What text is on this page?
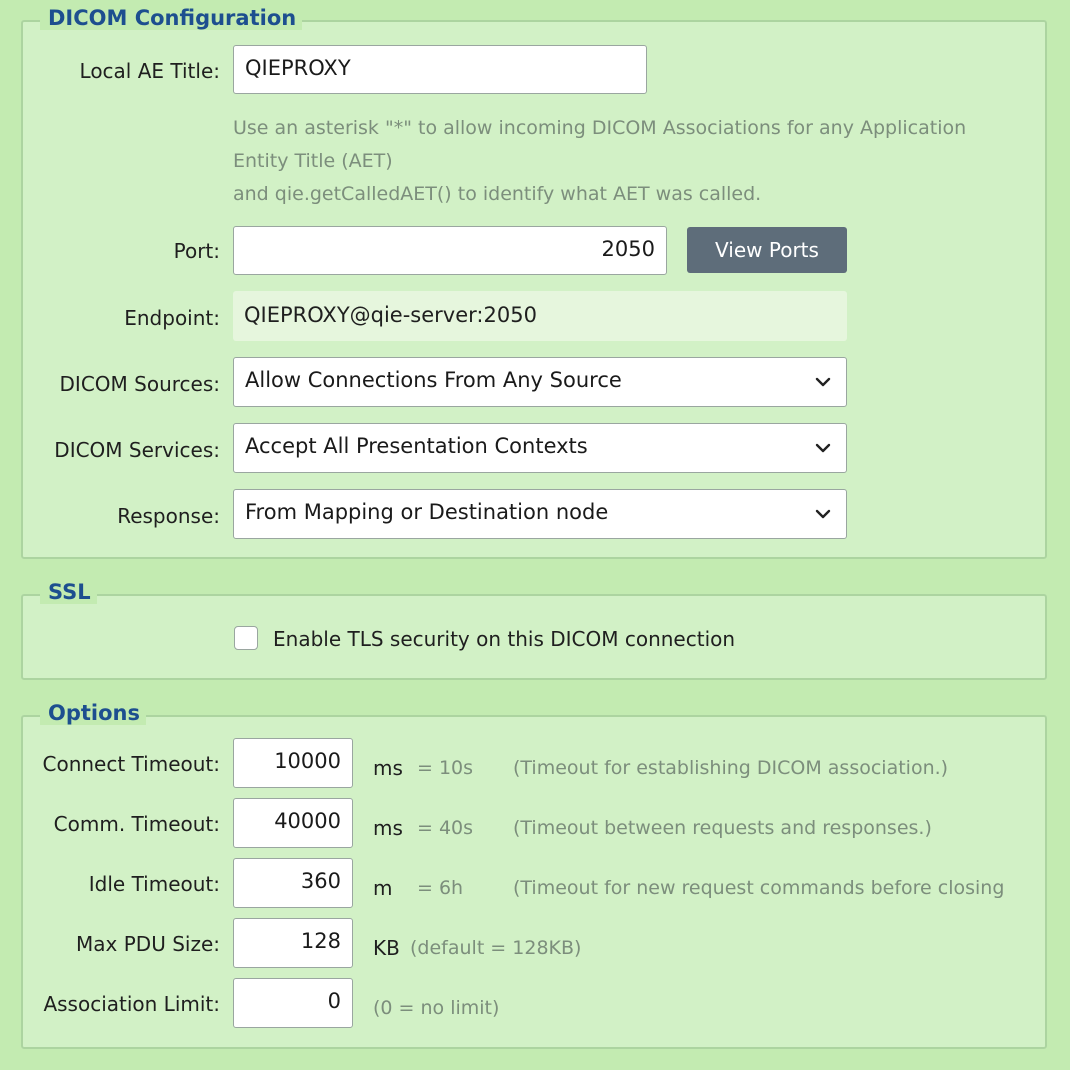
DICOM Configuration
Local AE Title:	QIEPROXY
Use an asterisk "*" to allow incoming DICOM Associations for any Application Entity Title (AET)
and qie.getCalledAET() to identify what AET was called.
Port:	2050	View Ports
Endpoint:	QIEPROXY@qie-server:2050
DICOM Sources:	Allow Connections From Any Source
DICOM Services:	Accept All Presentation Contexts
Response:	From Mapping or Destination node
SSL
Enable TLS security on this DICOM connection
Options
Connect Timeout:	10000	ms = 10s (Timeout for establishing DICOM association.)
Comm. Timeout:	40000	ms = 40s (Timeout between requests and responses.)
Idle Timeout:	360	m = 6h	(Timeout for new request commands before closing
Max PDU Size:	128	KB (default = 128KB)
Association Limit:	0	(0 = no limit)
